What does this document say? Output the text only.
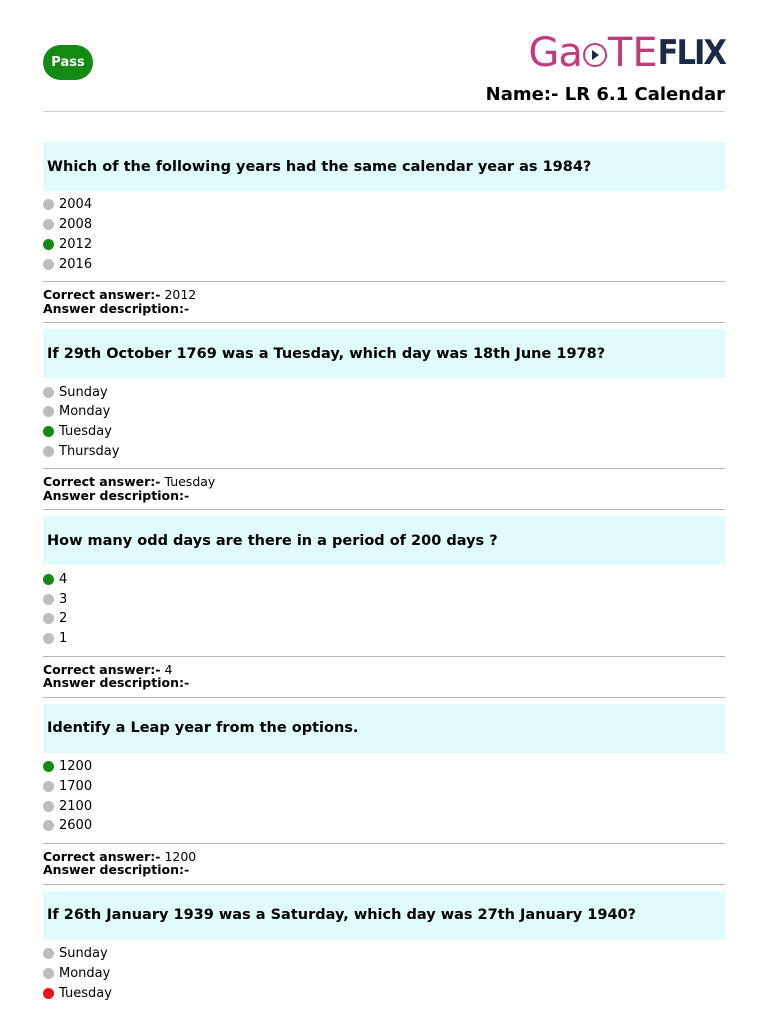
Pass	Ga TE FLIX
Name:- LR 6.1 Calendar
Which of the following years had the same calendar year as 1984?
2004
2008
2012
2016
Correct answer:- 2012
Answer description:-
If 29th October 1769 was a Tuesday, which day was 18th June 1978?
Sunday
Monday
Tuesday
Thursday
Correct answer:- Tuesday
Answer description:-
How many odd days are there in a period of 200 days ?
4
3
2
1
Correct answer:- 4
Answer description:-
Identify a Leap year from the options.
1200
1700
2100
2600
Correct answer:- 1200
Answer description:-
If 26th January 1939 was a Saturday, which day was 27th January 1940?
Sunday
Monday
Tuesday
